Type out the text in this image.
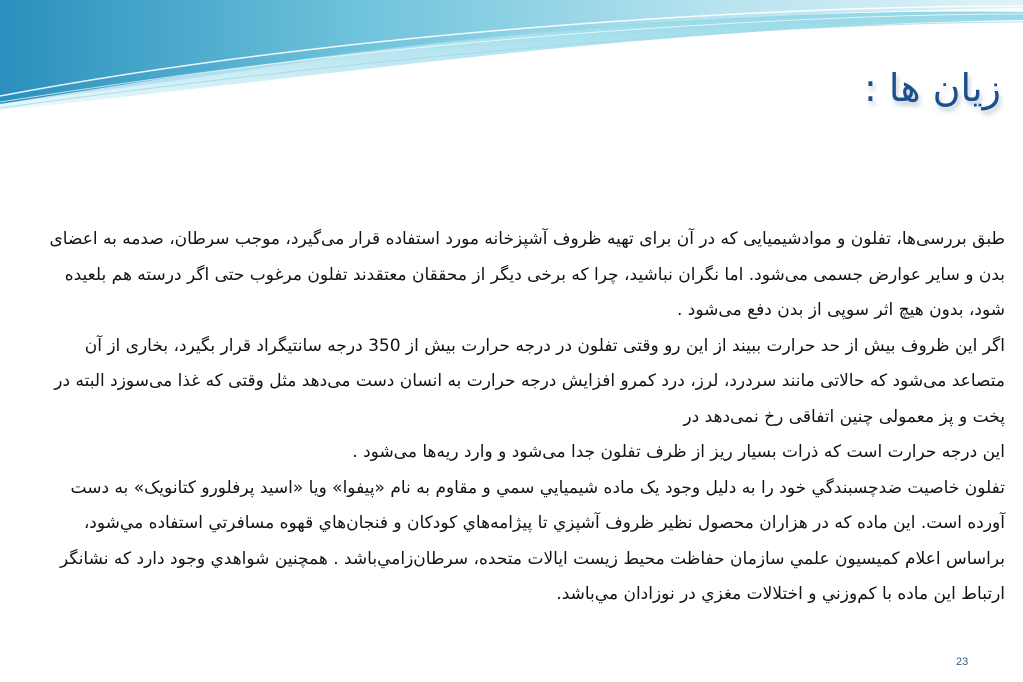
زیان ها :

طبق بررسی‌ها، تفلون و موادشیمیایی که در آن برای تهیه ظروف آشپزخانه مورد استفاده قرار می‌گیرد، موجب سرطان، صدمه به اعضای بدن و سایر عوارض جسمی می‌شود. اما نگران نباشید، چرا که برخی دیگر از محققان معتقدند تفلون مرغوب حتی اگر درسته هم بلعیده شود، بدون هیچ اثر سوپی از بدن دفع می‌شود .

اگر این ظروف بیش از حد حرارت ببیند از این رو وقتی تفلون در درجه حرارت بیش از 350 درجه سانتیگراد قرار بگیرد، بخاری از آن متصاعد می‌شود که حالاتی مانند سردرد، لرز، درد کمرو افزایش درجه حرارت به انسان دست می‌دهد مثل وقتی که غذا می‌سوزد البته در پخت و پز معمولی چنین اتفاقی رخ نمی‌دهد در

این درجه حرارت است که ذرات بسیار ریز از ظرف تفلون جدا می‌شود و وارد ریه‌ها می‌شود .

تفلون خاصیت ضدچسبندگي خود را به دلیل وجود یک ماده شیمیایي سمي و مقاوم به نام «پیفوا» ویا «اسید پرفلورو کتانویک» به دست آورده است. این ماده که در هزاران محصول نظیر ظروف آشپزي تا پیژامه‌هاي کودکان و فنجان‌هاي قهوه مسافرتي استفاده مي‌شود، براساس اعلام کمیسیون علمي سازمان حفاظت محیط زیست ایالات متحده، سرطان‌زامي‌باشد . همچنین شواهدي وجود دارد که نشانگر ارتباط این ماده با کم‌وزني و اختلالات مغزي در نوزادان مي‌باشد.

23
